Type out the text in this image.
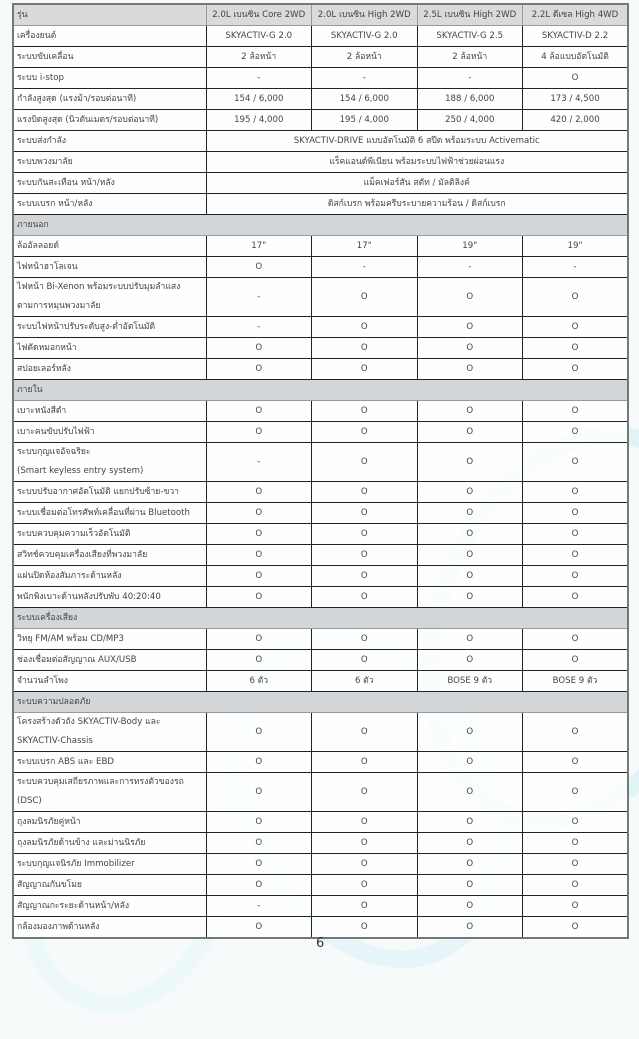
รุ่น	2.0L เบนซิน Core 2WD	2.0L เบนซิน High 2WD	2.5L เบนซิน High 2WD	2.2L ดีเซล High 4WD
เครื่องยนต์	SKYACTIV-G 2.0	SKYACTIV-G 2.0	SKYACTIV-G 2.5	SKYACTIV-D 2.2
ระบบขับเคลื่อน	2 ล้อหน้า	2 ล้อหน้า	2 ล้อหน้า	4 ล้อแบบอัตโนมัติ
ระบบ i-stop	-	-	-	O
กำลังสูงสุด (แรงม้า/รอบต่อนาที)	154 / 6,000	154 / 6,000	188 / 6,000	173 / 4,500
แรงบิดสูงสุด (นิวตันเมตร/รอบต่อนาที)	195 / 4,000	195 / 4,000	250 / 4,000	420 / 2,000
ระบบส่งกำลัง	SKYACTIV-DRIVE แบบอัตโนมัติ 6 สปีด พร้อมระบบ Activematic			
ระบบพวงมาลัย	แร็คแอนด์พีเนียน พร้อมระบบไฟฟ้าช่วยผ่อนแรง			
ระบบกันสะเทือน หน้า/หลัง	แม็คเฟอร์สัน สตัท / มัลติลิงค์			
ระบบเบรก หน้า/หลัง	ดิสก์เบรก พร้อมครีบระบายความร้อน / ดิสก์เบรก			
ภายนอก				
ล้ออัลลอยด์	17"	17"	19"	19"
ไฟหน้าฮาโลเจน	O	-	-	-

ไฟหน้า Bi-Xenon พร้อมระบบปรับมุมลำแสง
ตามการหมุนพวงมาลัย	-	O	O	O
ระบบไฟหน้าปรับระดับสูง-ต่ำอัตโนมัติ	-	O	O	O
ไฟตัดหมอกหน้า	O	O	O	O
สปอยเลอร์หลัง	O	O	O	O
ภายใน				
เบาะหนังสีดำ	O	O	O	O
เบาะคนขับปรับไฟฟ้า	O	O	O	O

ระบบกุญแจอัจฉริยะ
(Smart keyless entry system)	-	O	O	O
ระบบปรับอากาศอัตโนมัติ แยกปรับซ้าย-ขวา	O	O	O	O
ระบบเชื่อมต่อโทรศัพท์เคลื่อนที่ผ่าน Bluetooth	O	O	O	O
ระบบควบคุมความเร็วอัตโนมัติ	O	O	O	O
สวิทช์ควบคุมเครื่องเสียงที่พวงมาลัย	O	O	O	O
แผ่นปิดห้องสัมภาระด้านหลัง	O	O	O	O
พนักพิงเบาะด้านหลังปรับพับ 40:20:40	O	O	O	O
ระบบเครื่องเสียง				
วิทยุ FM/AM พร้อม CD/MP3	O	O	O	O
ช่องเชื่อมต่อสัญญาณ AUX/USB	O	O	O	O
จำนวนลำโพง	6 ตัว	6 ตัว	BOSE 9 ตัว	BOSE 9 ตัว
ระบบความปลอดภัย				

โครงสร้างตัวถัง SKYACTIV-Body และ
SKYACTIV-Chassis	O	O	O	O
ระบบเบรก ABS และ EBD	O	O	O	O

ระบบควบคุมเสถียรภาพและการทรงตัวของรถ
(DSC)	O	O	O	O
ถุงลมนิรภัยคู่หน้า	O	O	O	O
ถุงลมนิรภัยด้านข้าง และม่านนิรภัย	O	O	O	O
ระบบกุญแจนิรภัย Immobilizer	O	O	O	O
สัญญาณกันขโมย	O	O	O	O
สัญญาณกะระยะด้านหน้า/หลัง	-	O	O	O
กล้องมองภาพด้านหลัง	O	O	O	O
6
